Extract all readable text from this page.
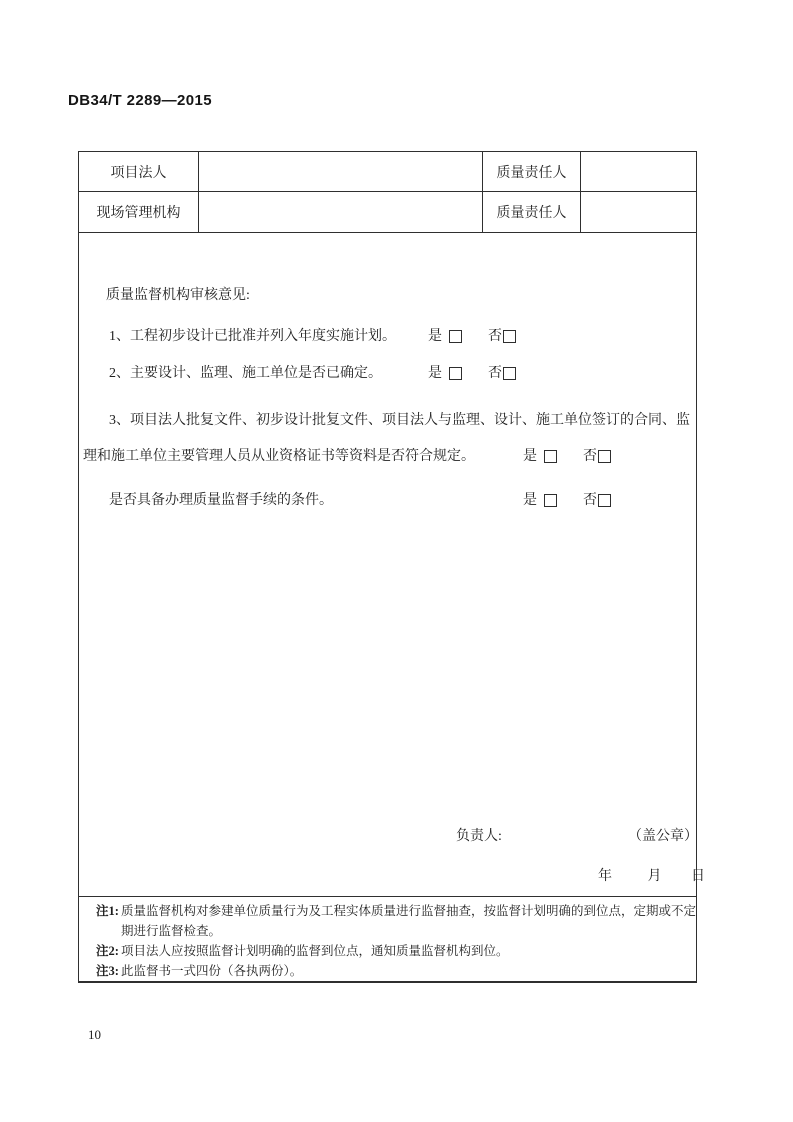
DB34/T 2289—2015
项目法人	质量责任人
现场管理机构	质量责任人
质量监督机构审核意见:
1、工程初步设计已批准并列入年度实施计划。 是	否
2、主要设计、监理、施工单位是否已确定。	是	否
3、项目法人批复文件、初步设计批复文件、项目法人与监理、设计、施工单位签订的合同、监
理和施工单位主要管理人员从业资格证书等资料是否符合规定。	是	否
是否具备办理质量监督手续的条件。	是	否
负责人:	（盖公章）
年	月 日
注1: 质量监督机构对参建单位质量行为及工程实体质量进行监督抽查，按监督计划明确的到位点，定期或不定
期进行监督检查。
注2: 项目法人应按照监督计划明确的监督到位点，通知质量监督机构到位。
注3: 此监督书一式四份（各执两份）。
10
